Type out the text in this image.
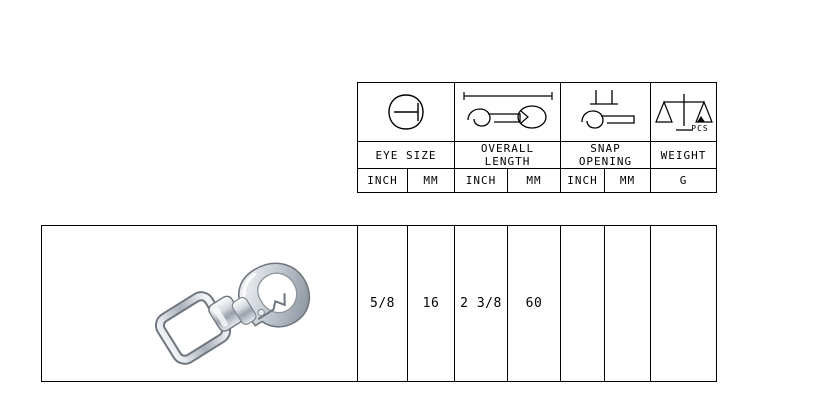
PCS

EYE SIZE		OVERALL LENGTH		SNAP OPENING		WEIGHT
INCH	MM	INCH	MM	INCH	MM	G
	5/8	16	2 3/8	60			
